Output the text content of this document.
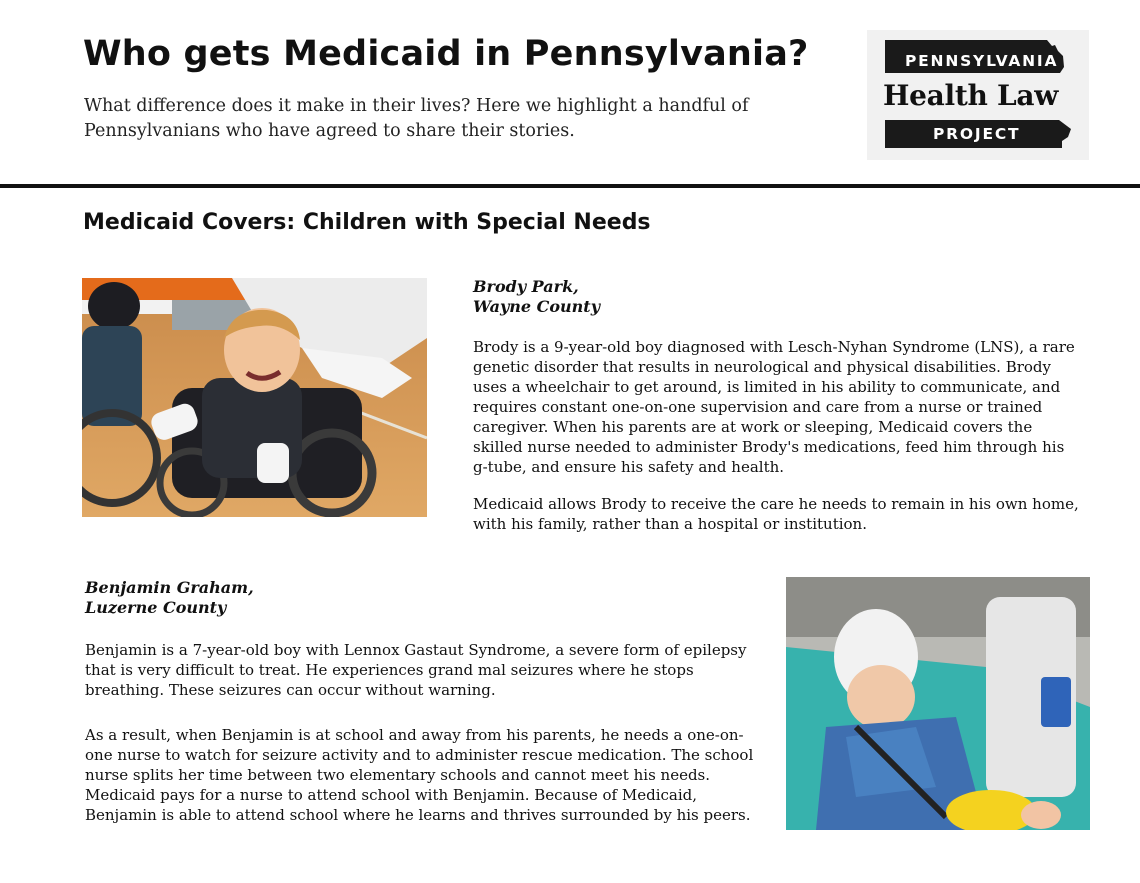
Who gets Medicaid in Pennsylvania?
What difference does it make in their lives? Here we highlight a handful of Pennsylvanians who have agreed to share their stories.
PENNSYLVANIA
Health Law
PROJECT
Medicaid Covers: Children with Special Needs
Brody Park,
Wayne County

Brody is a 9-year-old boy diagnosed with Lesch-Nyhan Syndrome (LNS), a rare genetic disorder that results in neurological and physical disabilities. Brody uses a wheelchair to get around, is limited in his ability to communicate, and requires constant one-on-one supervision and care from a nurse or trained caregiver. When his parents are at work or sleeping, Medicaid covers the skilled nurse needed to administer Brody's medications, feed him through his g-tube, and ensure his safety and health.

Medicaid allows Brody to receive the care he needs to remain in his own home, with his family, rather than a hospital or institution.

Benjamin Graham,
Luzerne County

Benjamin is a 7-year-old boy with Lennox Gastaut Syndrome, a severe form of epilepsy that is very difficult to treat. He experiences grand mal seizures where he stops breathing. These seizures can occur without warning.

As a result, when Benjamin is at school and away from his parents, he needs a one-on-one nurse to watch for seizure activity and to administer rescue medication. The school nurse splits her time between two elementary schools and cannot meet his needs. Medicaid pays for a nurse to attend school with Benjamin. Because of Medicaid, Benjamin is able to attend school where he learns and thrives surrounded by his peers.
